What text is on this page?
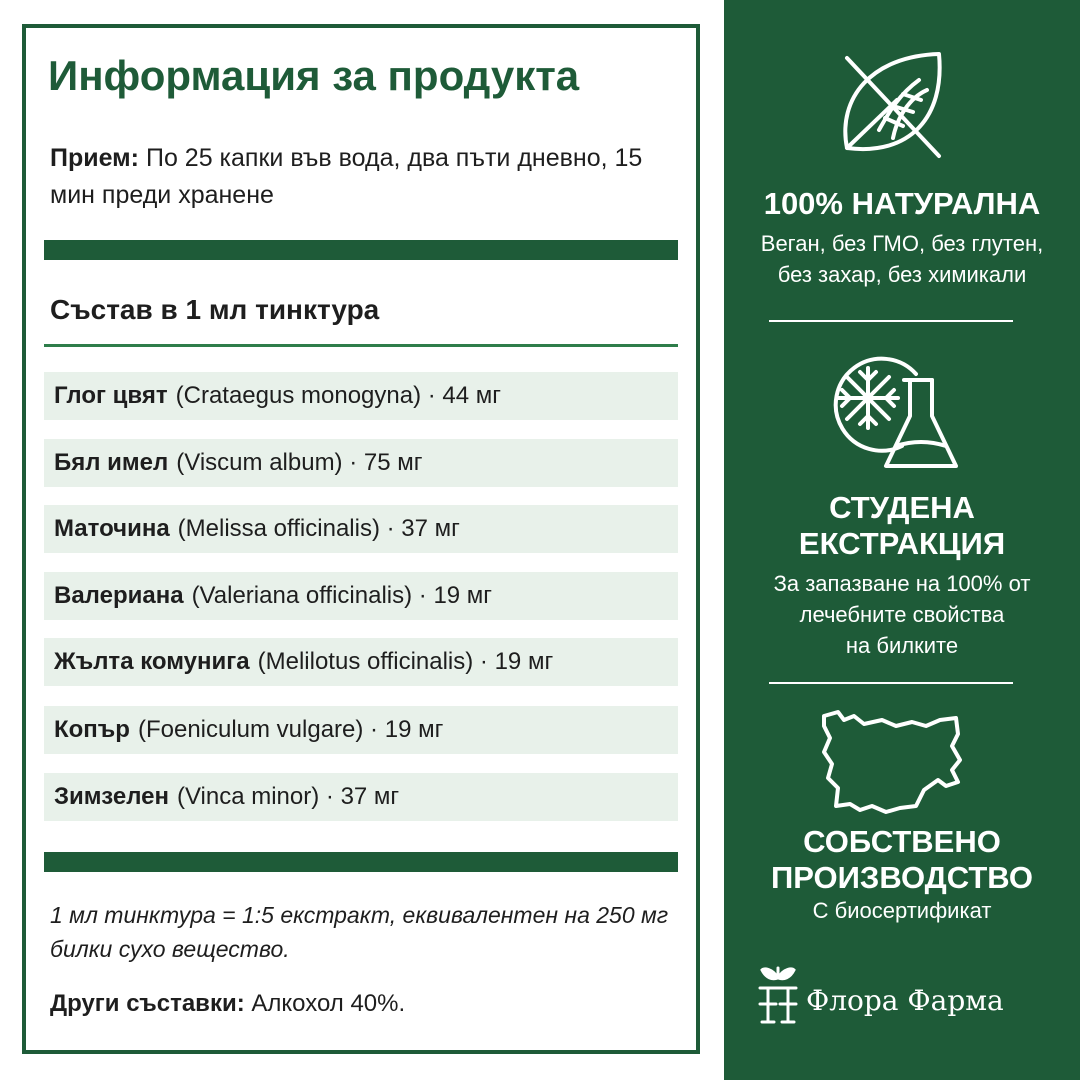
Информация за продукта
Прием: По 25 капки във вода, два пъти дневно, 15 мин преди хранене
Състав в 1 мл тинктура
Глог цвят (Crataegus monogyna) · 44 мг
Бял имел (Viscum album) · 75 мг
Маточина (Melissa officinalis) · 37 мг
Валериана (Valeriana officinalis) · 19 мг
Жълта комунига (Melilotus officinalis) · 19 мг
Копър (Foeniculum vulgare) · 19 мг
Зимзелен (Vinca minor) · 37 мг
1 мл тинктура = 1:5 екстракт, еквивалентен на 250 мг билки сухо вещество.
Други съставки: Алкохол 40%.
100% НАТУРАЛНА
Веган, без ГМО, без глутен,
без захар, без химикали
СТУДЕНА
ЕКСТРАКЦИЯ
За запазване на 100% от
лечебните свойства
на билките
СОБСТВЕНО
ПРОИЗВОДСТВО
С биосертификат
Флора Фарма
